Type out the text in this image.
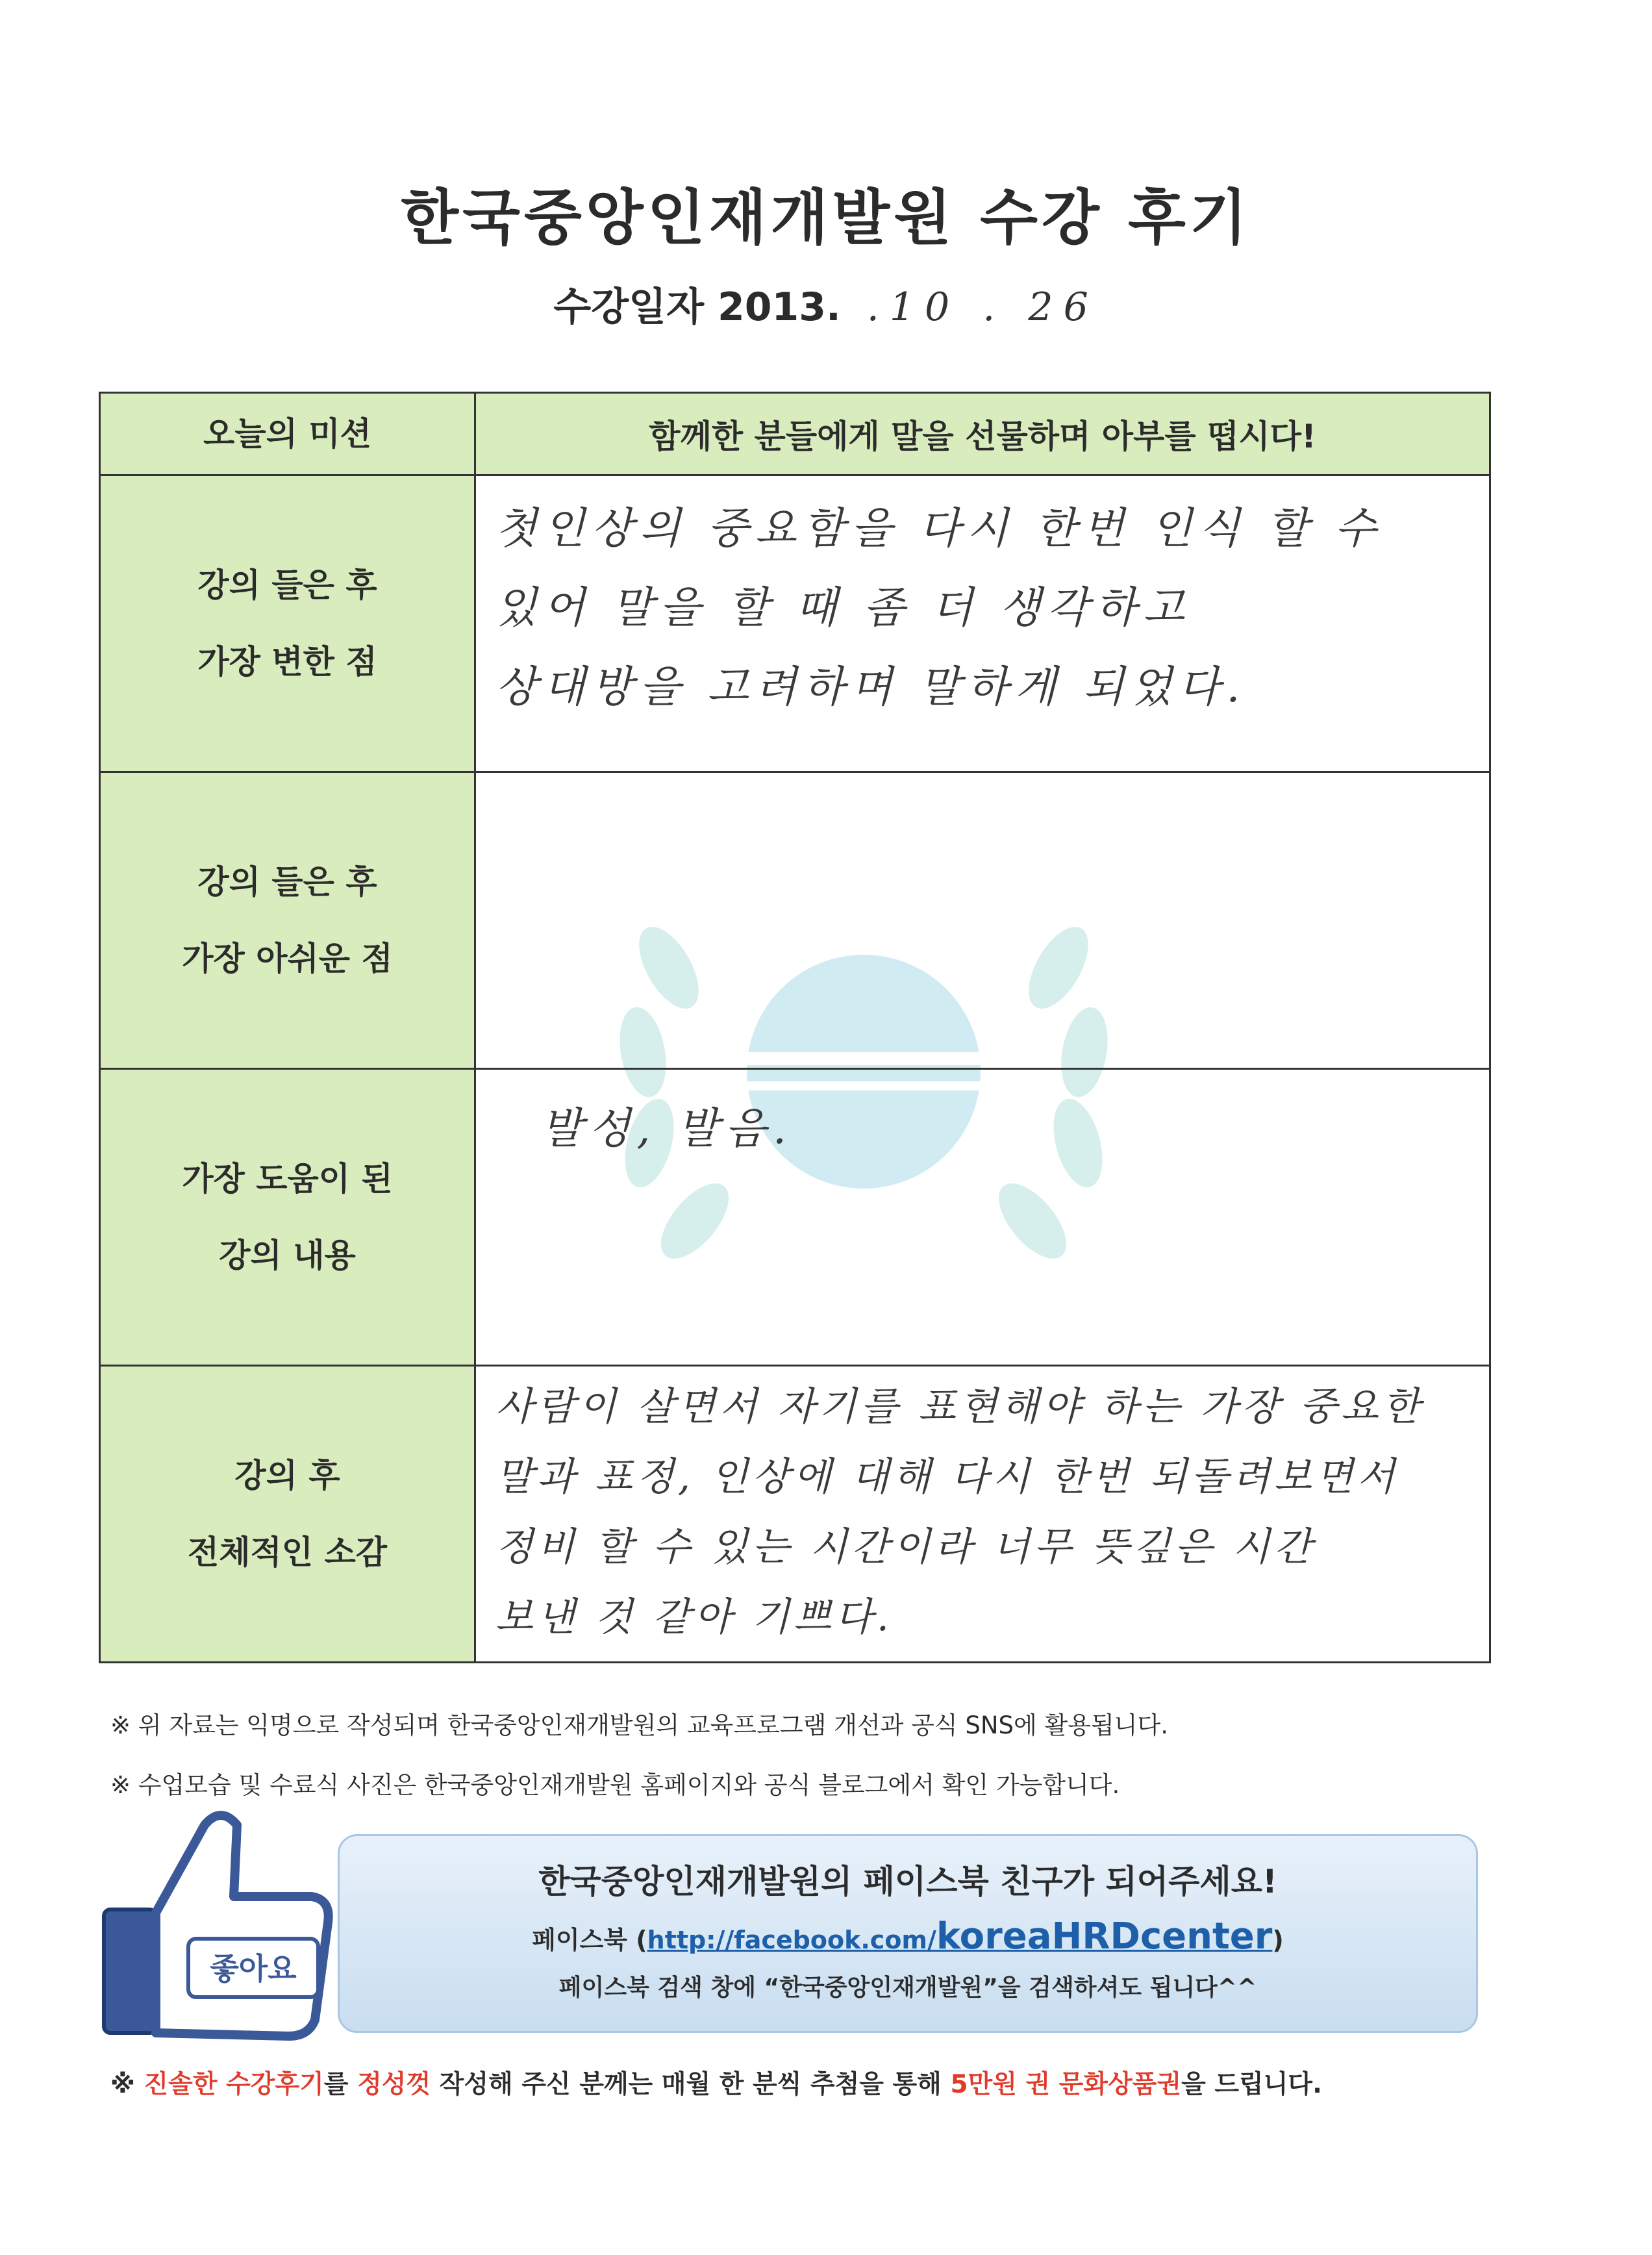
한국중앙인재개발원 수강 후기
수강일자 2013. .10 . 26
오늘의 미션	함께한 분들에게 말을 선물하며 아부를 떱시다!
강의 들은 후
가장 변한 점
첫인상의 중요함을 다시 한번 인식 할 수
있어 말을 할 때 좀 더 생각하고
상대방을 고려하며 말하게 되었다.
강의 들은 후
가장 아쉬운 점
가장 도움이 된
강의 내용
발성, 발음.
강의 후
전체적인 소감
사람이 살면서 자기를 표현해야 하는 가장 중요한
말과 표정, 인상에 대해 다시 한번 되돌려보면서
정비 할 수 있는 시간이라 너무 뜻깊은 시간
보낸 것 같아 기쁘다.
※ 위 자료는 익명으로 작성되며 한국중앙인재개발원의 교육프로그램 개선과 공식 SNS에 활용됩니다.
※ 수업모습 및 수료식 사진은 한국중앙인재개발원 홈페이지와 공식 블로그에서 확인 가능합니다.
좋아요
한국중앙인재개발원의 페이스북 친구가 되어주세요!
페이스북 (http://facebook.com/koreaHRDcenter)
페이스북 검색 창에 “한국중앙인재개발원”을 검색하셔도 됩니다^^
※ 진솔한 수강후기를 정성껏 작성해 주신 분께는 매월 한 분씩 추첨을 통해 5만원 권 문화상품권을 드립니다.
